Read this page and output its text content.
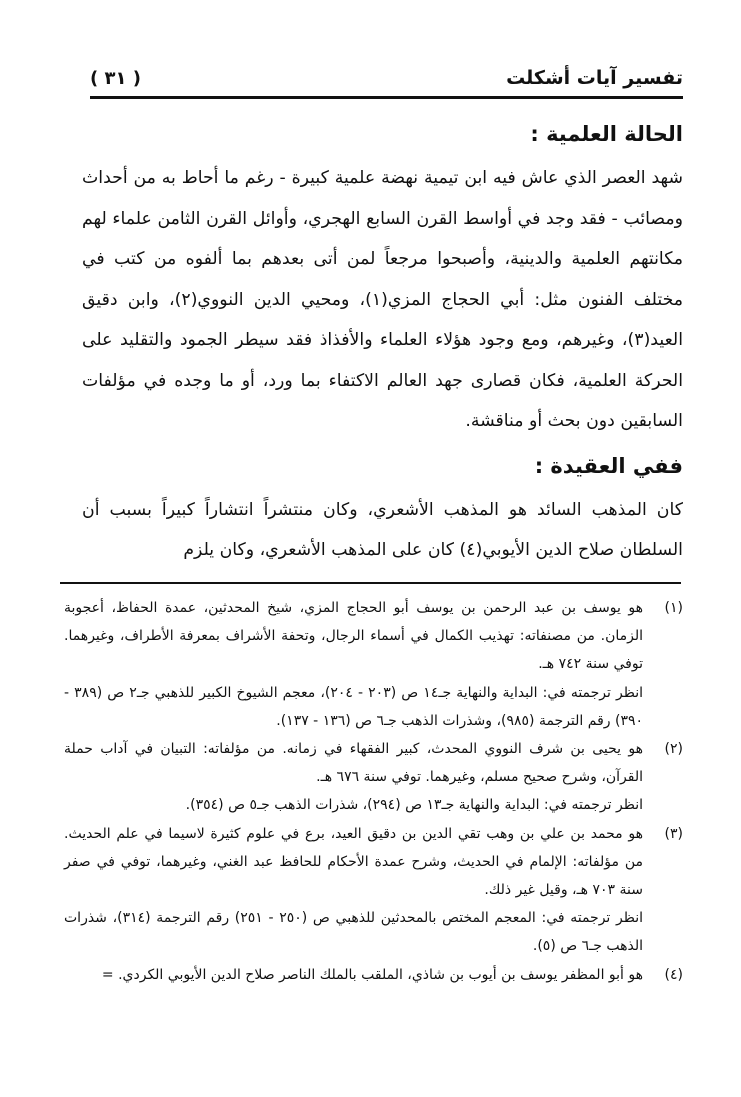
تفسير آيات أشكلت
( ٣١ )
الحالة العلمية :

شهد العصر الذي عاش فيه ابن تيمية نهضة علمية كبيرة - رغم ما أحاط به من أحداث ومصائب - فقد وجد في أواسط القرن السابع الهجري، وأوائل القرن الثامن علماء لهم مكانتهم العلمية والدينية، وأصبحوا مرجعاً لمن أتى بعدهم بما ألفوه من كتب في مختلف الفنون مثل: أبي الحجاج المزي(١)، ومحيي الدين النووي(٢)، وابن دقيق العيد(٣)، وغيرهم، ومع وجود هؤلاء العلماء والأفذاذ فقد سيطر الجمود والتقليد على الحركة العلمية، فكان قصارى جهد العالم الاكتفاء بما ورد، أو ما وجده في مؤلفات السابقين دون بحث أو مناقشة.

ففي العقيدة :

كان المذهب السائد هو المذهب الأشعري، وكان منتشراً انتشاراً كبيراً بسبب أن السلطان صلاح الدين الأيوبي(٤) كان على المذهب الأشعري، وكان يلزم

(١)

هو يوسف بن عبد الرحمن بن يوسف أبو الحجاج المزي، شيخ المحدثين، عمدة الحفاظ، أعجوبة الزمان. من مصنفاته: تهذيب الكمال في أسماء الرجال، وتحفة الأشراف بمعرفة الأطراف، وغيرهما. توفي سنة ٧٤٢ هـ.

انظر ترجمته في: البداية والنهاية جـ١٤ ص (٢٠٣ - ٢٠٤)، معجم الشيوخ الكبير للذهبي جـ٢ ص (٣٨٩ - ٣٩٠) رقم الترجمة (٩٨٥)، وشذرات الذهب جـ٦ ص (١٣٦ - ١٣٧).

(٢)

هو يحيى بن شرف النووي المحدث، كبير الفقهاء في زمانه. من مؤلفاته: التبيان في آداب حملة القرآن، وشرح صحيح مسلم، وغيرهما. توفي سنة ٦٧٦ هـ.

انظر ترجمته في: البداية والنهاية جـ١٣ ص (٢٩٤)، شذرات الذهب جـ٥ ص (٣٥٤).

(٣)

هو محمد بن علي بن وهب تقي الدين بن دقيق العيد، برع في علوم كثيرة لاسيما في علم الحديث. من مؤلفاته: الإلمام في الحديث، وشرح عمدة الأحكام للحافظ عبد الغني، وغيرهما، توفي في صفر سنة ٧٠٣ هـ، وقيل غير ذلك.

انظر ترجمته في: المعجم المختص بالمحدثين للذهبي ص (٢٥٠ - ٢٥١) رقم الترجمة (٣١٤)، شذرات الذهب جـ٦ ص (٥).

(٤)

هو أبو المظفر يوسف بن أيوب بن شاذي، الملقب بالملك الناصر صلاح الدين الأيوبي الكردي. =
